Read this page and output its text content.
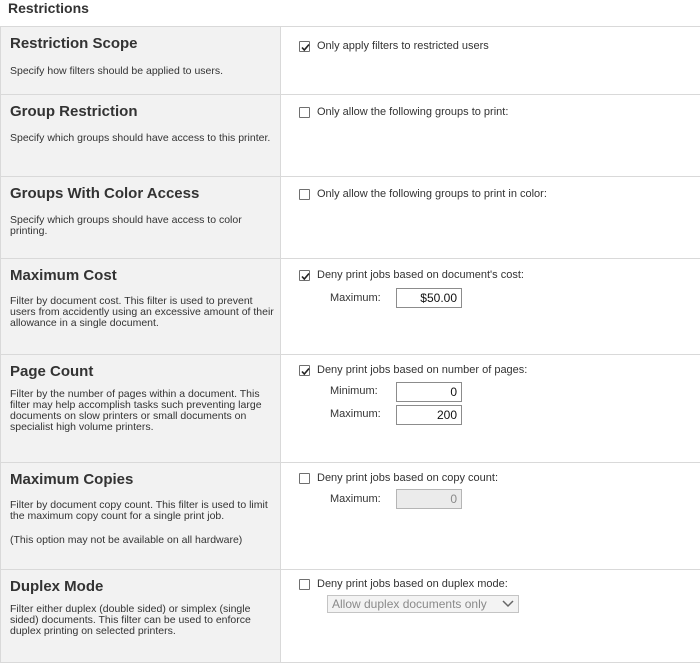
Restrictions
Restriction Scope
Specify how filters should be applied to users.
Only apply filters to restricted users
Group Restriction
Specify which groups should have access to this printer.
Only allow the following groups to print:
Groups With Color Access
Specify which groups should have access to color printing.
Only allow the following groups to print in color:
Maximum Cost
Filter by document cost. This filter is used to prevent users from accidently using an excessive amount of their allowance in a single document.
Deny print jobs based on document's cost:
Maximum:	$50.00
Page Count
Filter by the number of pages within a document. This filter may help accomplish tasks such preventing large documents on slow printers or small documents on specialist high volume printers.
Deny print jobs based on number of pages:
Minimum:	0
Maximum:	200
Maximum Copies
Filter by document copy count. This filter is used to limit the maximum copy count for a single print job.
(This option may not be available on all hardware)
Deny print jobs based on copy count:
Maximum:	0
Duplex Mode
Filter either duplex (double sided) or simplex (single sided) documents. This filter can be used to enforce duplex printing on selected printers.
Deny print jobs based on duplex mode:
Allow duplex documents only
